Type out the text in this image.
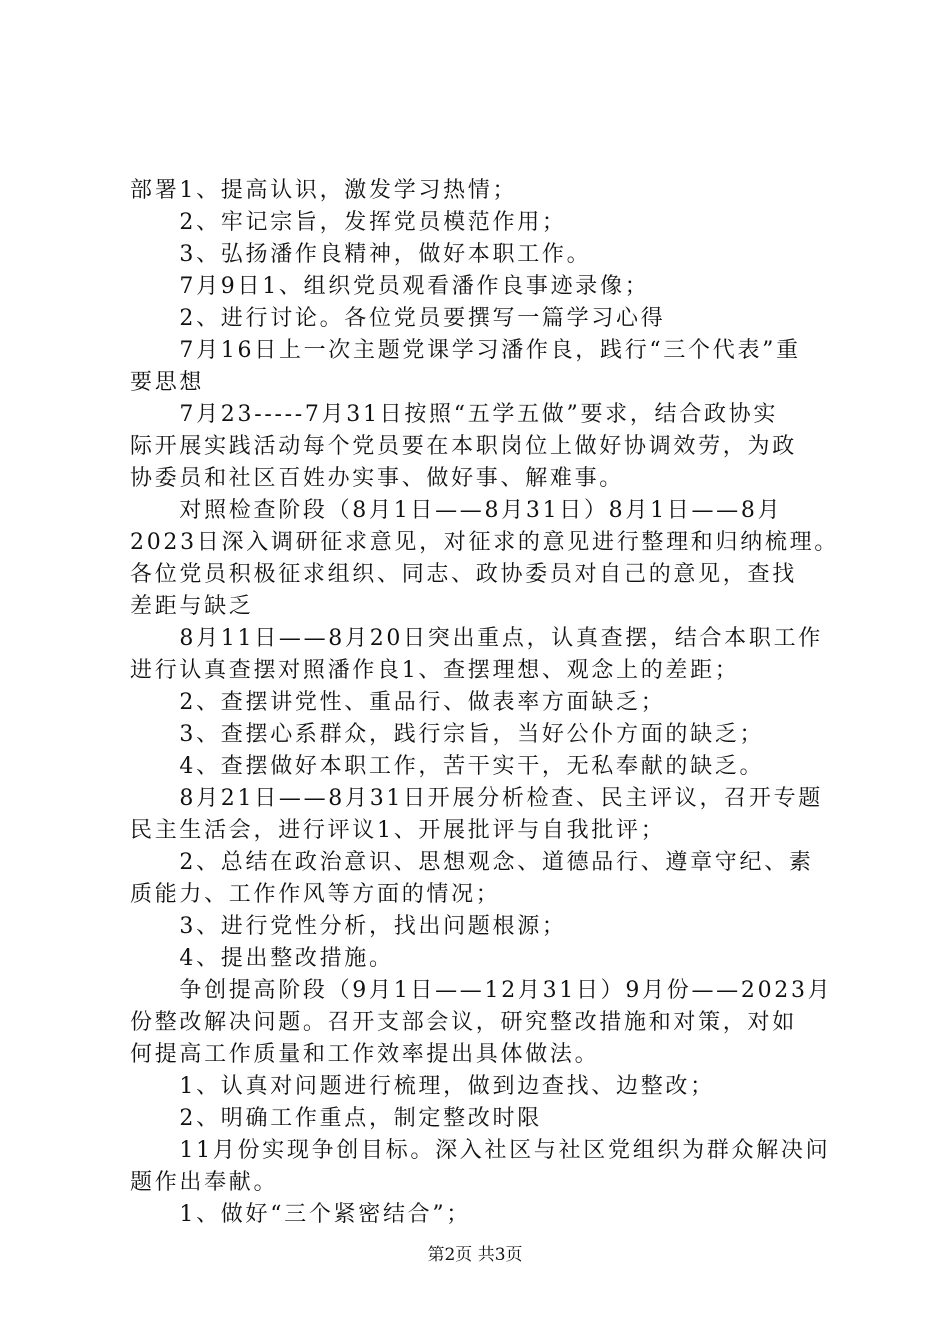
部署1、提高认识，激发学习热情；
　　2、牢记宗旨，发挥党员模范作用；
　　3、弘扬潘作良精神，做好本职工作。
　　7月9日1、组织党员观看潘作良事迹录像；
　　2、进行讨论。各位党员要撰写一篇学习心得
　　7月16日上一次主题党课学习潘作良，践行“三个代表”重
要思想
　　7月23-----7月31日按照“五学五做”要求，结合政协实
际开展实践活动每个党员要在本职岗位上做好协调效劳，为政
协委员和社区百姓办实事、做好事、解难事。
　　对照检查阶段（8月1日——8月31日）8月1日——8月
2023日深入调研征求意见，对征求的意见进行整理和归纳梳理。
各位党员积极征求组织、同志、政协委员对自己的意见，查找
差距与缺乏
　　8月11日——8月20日突出重点，认真查摆，结合本职工作
进行认真查摆对照潘作良1、查摆理想、观念上的差距；
　　2、查摆讲党性、重品行、做表率方面缺乏；
　　3、查摆心系群众，践行宗旨，当好公仆方面的缺乏；
　　4、查摆做好本职工作，苦干实干，无私奉献的缺乏。
　　8月21日——8月31日开展分析检查、民主评议，召开专题
民主生活会，进行评议1、开展批评与自我批评；
　　2、总结在政治意识、思想观念、道德品行、遵章守纪、素
质能力、工作作风等方面的情况；
　　3、进行党性分析，找出问题根源；
　　4、提出整改措施。
　　争创提高阶段（9月1日——12月31日）9月份——2023月
份整改解决问题。召开支部会议，研究整改措施和对策，对如
何提高工作质量和工作效率提出具体做法。
　　1、认真对问题进行梳理，做到边查找、边整改；
　　2、明确工作重点，制定整改时限
　　11月份实现争创目标。深入社区与社区党组织为群众解决问
题作出奉献。
　　1、做好“三个紧密结合”；
第2页 共3页
